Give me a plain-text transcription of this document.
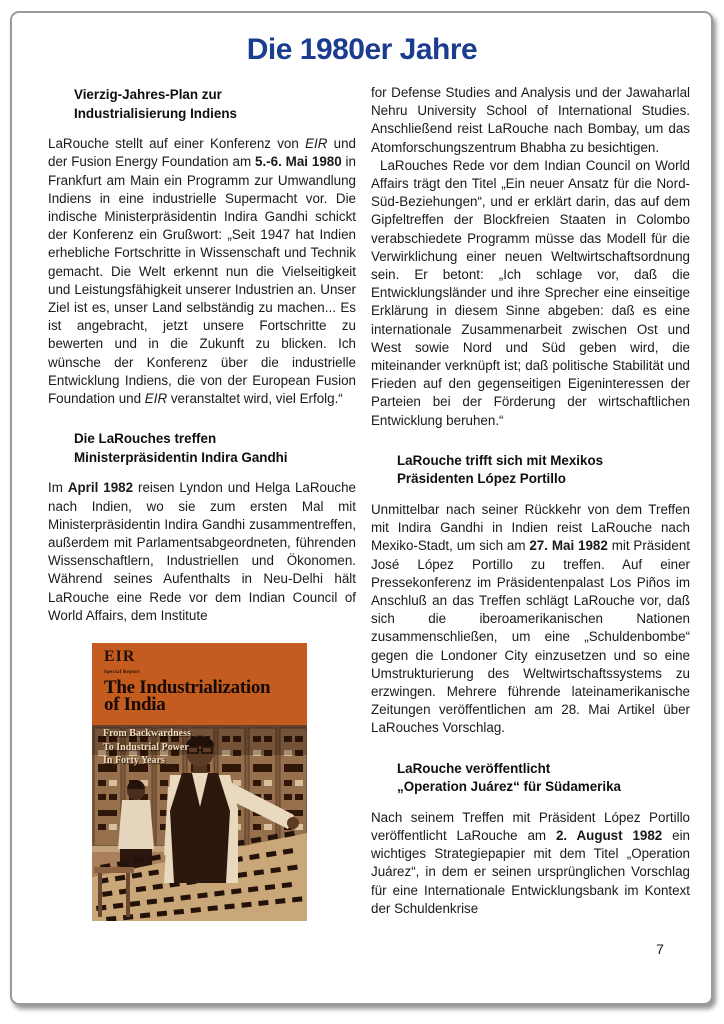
Die 1980er Jahre
Vierzig-Jahres-Plan zur
Industrialisierung Indiens

LaRouche stellt auf einer Konferenz von EIR und der Fusion Energy Foundation am 5.-6. Mai 1980 in Frankfurt am Main ein Programm zur Umwandlung Indiens in eine industrielle Supermacht vor. Die indische Ministerpräsidentin Indira Gandhi schickt der Konferenz ein Grußwort: „Seit 1947 hat Indien erhebliche Fortschritte in Wissenschaft und Technik gemacht. Die Welt erkennt nun die Vielseitigkeit und Leistungsfähigkeit unserer Industrien an. Unser Ziel ist es, unser Land selbständig zu machen... Es ist angebracht, jetzt unsere Fortschritte zu bewerten und in die Zukunft zu blicken. Ich wünsche der Konferenz über die industrielle Entwicklung Indiens, die von der European Fusion Foundation und EIR veranstaltet wird, viel Erfolg.“

Die LaRouches treffen
Ministerpräsidentin Indira Gandhi

Im April 1982 reisen Lyndon und Helga LaRouche nach Indien, wo sie zum ersten Mal mit Ministerpräsidentin Indira Gandhi zusammentreffen, außerdem mit Parlamentsabgeordneten, führenden Wissenschaftlern, Industriellen und Ökonomen. Während seines Aufenthalts in Neu-Delhi hält LaRouche eine Rede vor dem Indian Council of World Affairs, dem Institute

EIR
Special Report
The Industrialization
of India
From Backwardness
To Industrial Power
In Forty Years

for Defense Studies and Analysis und der Jawaharlal Nehru University School of International Studies. Anschließend reist LaRouche nach Bombay, um das Atomforschungszentrum Bhabha zu besichtigen.

LaRouches Rede vor dem Indian Council on World Affairs trägt den Titel „Ein neuer Ansatz für die Nord-Süd-Beziehungen“, und er erklärt darin, das auf dem Gipfeltreffen der Blockfreien Staaten in Colombo verabschiedete Programm müsse das Modell für die Verwirklichung einer neuen Weltwirtschaftsordnung sein. Er betont: „Ich schlage vor, daß die Entwicklungsländer und ihre Sprecher eine einseitige Erklärung in diesem Sinne abgeben: daß es eine internationale Zusammenarbeit zwischen Ost und West sowie Nord und Süd geben wird, die miteinander verknüpft ist; daß politische Stabilität und Frieden auf den gegenseitigen Eigeninteressen der Parteien bei der Förderung der wirtschaftlichen Entwicklung beruhen.“

LaRouche trifft sich mit Mexikos
Präsidenten López Portillo

Unmittelbar nach seiner Rückkehr von dem Treffen mit Indira Gandhi in Indien reist LaRouche nach Mexiko-Stadt, um sich am 27. Mai 1982 mit Präsident José López Portillo zu treffen. Auf einer Pressekonferenz im Präsidentenpalast Los Piños im Anschluß an das Treffen schlägt LaRouche vor, daß sich die iberoamerikanischen Nationen zusammenschließen, um eine „Schuldenbombe“ gegen die Londoner City einzusetzen und so eine Umstrukturierung des Weltwirtschaftssystems zu erzwingen. Mehrere führende lateinamerikanische Zeitungen veröffentlichen am 28. Mai Artikel über LaRouches Vorschlag.

LaRouche veröffentlicht
„Operation Juárez“ für Südamerika

Nach seinem Treffen mit Präsident López Portillo veröffentlicht LaRouche am 2. August 1982 ein wichtiges Strategiepapier mit dem Titel „Operation Juárez“, in dem er seinen ursprünglichen Vorschlag für eine Internationale Entwicklungsbank im Kontext der Schuldenkrise

7
